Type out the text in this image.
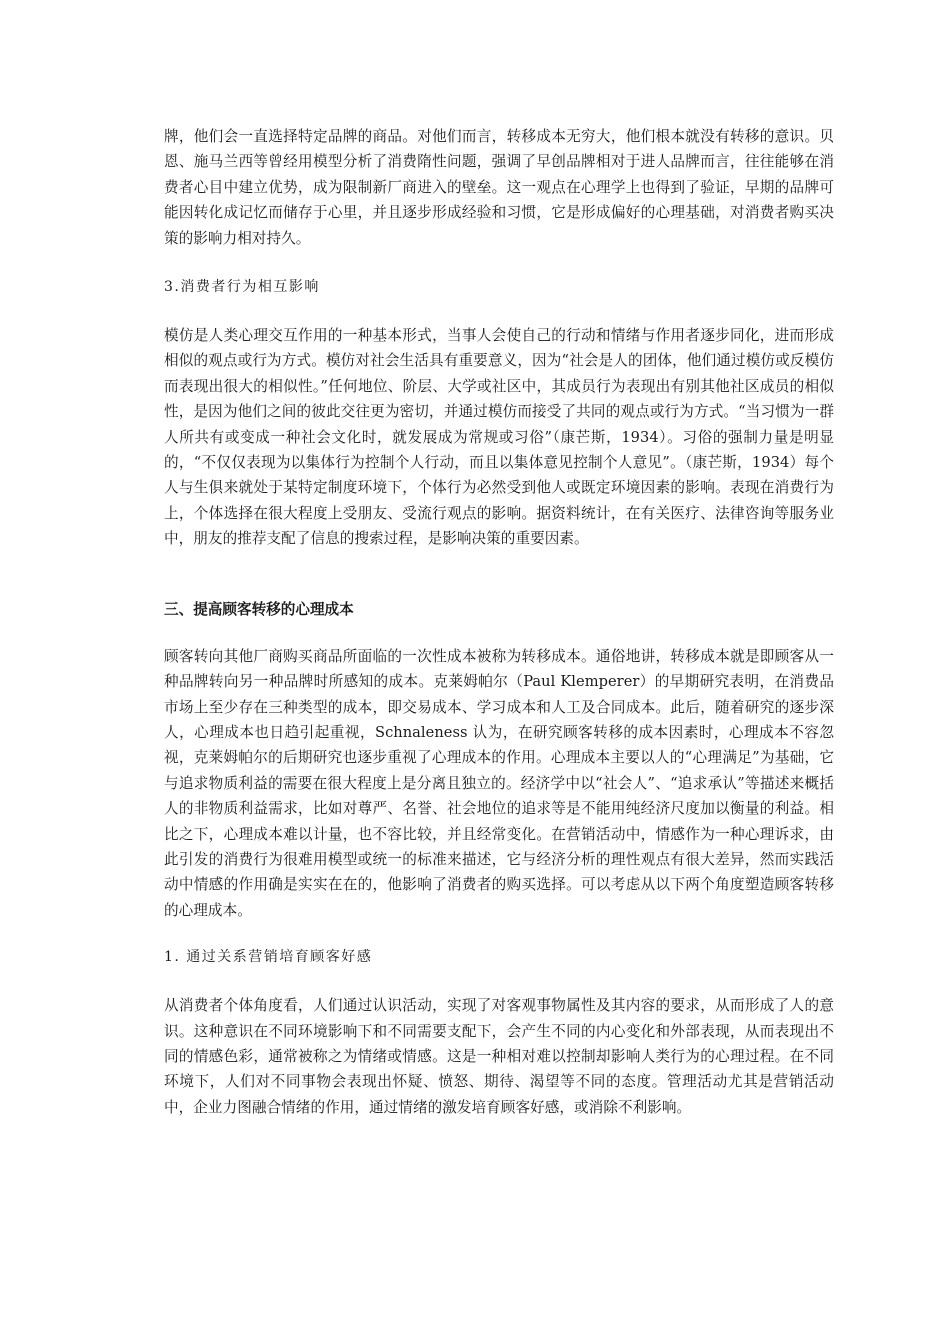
牌，他们会一直选择特定品牌的商品。对他们而言，转移成本无穷大，他们根本就没有转移的意识。贝恩、施马兰西等曾经用模型分析了消费隋性问题，强调了早创品牌相对于进人品牌而言，往往能够在消费者心目中建立优势，成为限制新厂商进入的壁垒。这一观点在心理学上也得到了验证，早期的品牌可能因转化成记忆而储存于心里，并且逐步形成经验和习惯，它是形成偏好的心理基础，对消费者购买决策的影响力相对持久。

3.消费者行为相互影响

模仿是人类心理交互作用的一种基本形式，当事人会使自己的行动和情绪与作用者逐步同化，进而形成相似的观点或行为方式。模仿对社会生活具有重要意义，因为“社会是人的团体，他们通过模仿或反模仿而表现出很大的相似性。”任何地位、阶层、大学或社区中，其成员行为表现出有别其他社区成员的相似性，是因为他们之间的彼此交往更为密切，并通过模仿而接受了共同的观点或行为方式。“当习惯为一群人所共有或变成一种社会文化时，就发展成为常规或习俗”（康芒斯，1934）。习俗的强制力量是明显的，“不仅仅表现为以集体行为控制个人行动，而且以集体意见控制个人意见”。（康芒斯，1934）每个人与生俱来就处于某特定制度环境下，个体行为必然受到他人或既定环境因素的影响。表现在消费行为上，个体选择在很大程度上受朋友、受流行观点的影响。据资料统计，在有关医疗、法律咨询等服务业中，朋友的推荐支配了信息的搜索过程，是影响决策的重要因素。

三、提高顾客转移的心理成本

顾客转向其他厂商购买商品所面临的一次性成本被称为转移成本。通俗地讲，转移成本就是即顾客从一种品牌转向另一种品牌时所感知的成本。克莱姆帕尔（Paul Klemperer）的早期研究表明，在消费品市场上至少存在三种类型的成本，即交易成本、学习成本和人工及合同成本。此后，随着研究的逐步深人，心理成本也日趋引起重视，Schnaleness 认为，在研究顾客转移的成本因素时，心理成本不容忽视，克莱姆帕尔的后期研究也逐步重视了心理成本的作用。心理成本主要以人的“心理满足”为基础，它与追求物质利益的需要在很大程度上是分离且独立的。经济学中以“社会人”、“追求承认”等描述来概括人的非物质利益需求，比如对尊严、名誉、社会地位的追求等是不能用纯经济尺度加以衡量的利益。相比之下，心理成本难以计量，也不容比较，并且经常变化。在营销活动中，情感作为一种心理诉求，由此引发的消费行为很难用模型或统一的标准来描述，它与经济分析的理性观点有很大差异，然而实践活动中情感的作用确是实实在在的，他影响了消费者的购买选择。可以考虑从以下两个角度塑造顾客转移的心理成本。

1. 通过关系营销培育顾客好感

从消费者个体角度看，人们通过认识活动，实现了对客观事物属性及其内容的要求，从而形成了人的意识。这种意识在不同环境影响下和不同需要支配下，会产生不同的内心变化和外部表现，从而表现出不同的情感色彩，通常被称之为情绪或情感。这是一种相对难以控制却影响人类行为的心理过程。在不同环境下，人们对不同事物会表现出怀疑、愤怒、期待、渴望等不同的态度。管理活动尤其是营销活动中，企业力图融合情绪的作用，通过情绪的激发培育顾客好感，或消除不利影响。
